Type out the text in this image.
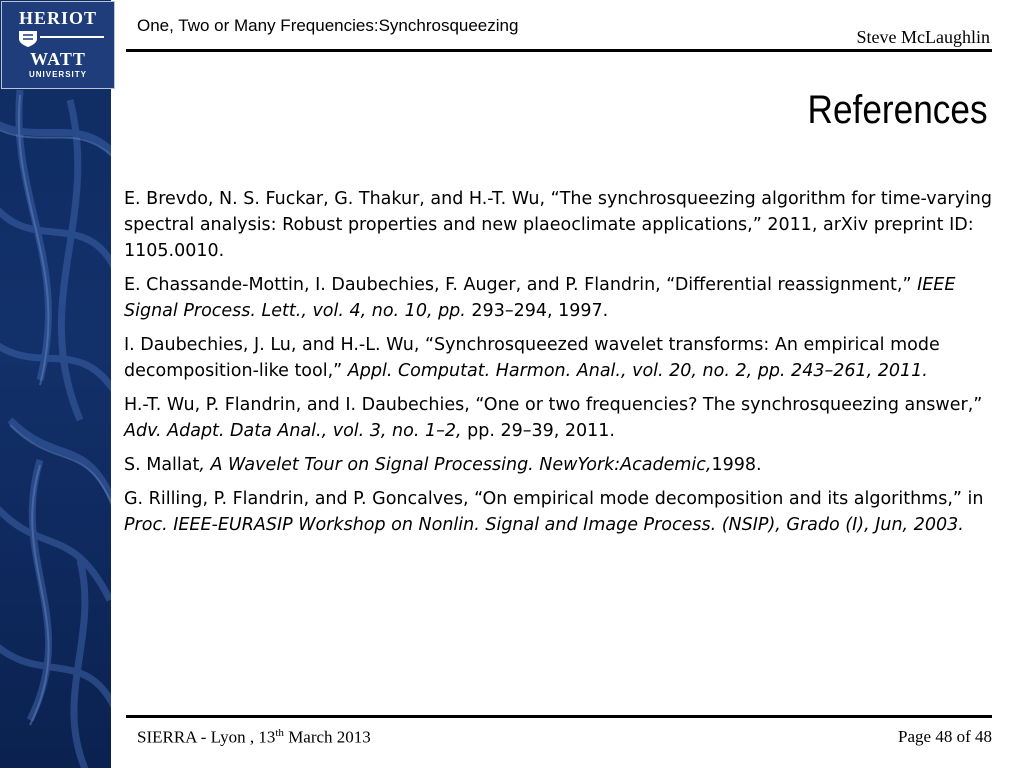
HERIOT
WATT
UNIVERSITY
One, Two or Many Frequencies:Synchrosqueezing
Steve McLaughlin
References

E. Brevdo, N. S. Fuckar, G. Thakur, and H.-T. Wu, “The synchrosqueezing algorithm for time-varying spectral analysis: Robust properties and new plaeoclimate applications,” 2011, arXiv preprint ID: 1105.0010.

E. Chassande-Mottin, I. Daubechies, F. Auger, and P. Flandrin, “Differential reassignment,” IEEE Signal Process. Lett., vol. 4, no. 10, pp. 293–294, 1997.

I. Daubechies, J. Lu, and H.-L. Wu, “Synchrosqueezed wavelet transforms: An empirical mode decomposition-like tool,” Appl. Computat. Harmon. Anal., vol. 20, no. 2, pp. 243–261, 2011.

H.-T. Wu, P. Flandrin, and I. Daubechies, “One or two frequencies? The synchrosqueezing answer,” Adv. Adapt. Data Anal., vol. 3, no. 1–2, pp. 29–39, 2011.

S. Mallat, A Wavelet Tour on Signal Processing. NewYork:Academic,1998.

G. Rilling, P. Flandrin, and P. Goncalves, “On empirical mode decomposition and its algorithms,” in Proc. IEEE-EURASIP Workshop on Nonlin. Signal and Image Process. (NSIP), Grado (I), Jun, 2003.

SIERRA - Lyon , 13th March 2013	Page 48 of 48
